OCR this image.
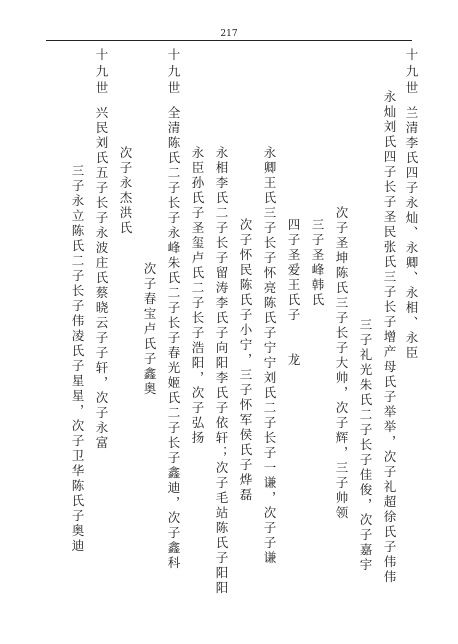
217
十九世兰清李氏四子永灿、永卿、永相、永臣
永灿刘氏四子长子圣民张氏三子长子增产母氏子举举，次子礼超徐氏子伟伟
三子礼光朱氏二子长子佳俊，次子嘉宇
次子圣坤陈氏三子长子大帅，次子辉，三子帅领
三子圣峰韩氏
四子圣爱王氏子　　龙
永卿王氏三子长子怀亮陈氏子宁宁刘氏二子长子一谦，次子子谦
次子怀民陈氏子小宁，三子怀军侯氏子烨磊
永相李氏二子长子留涛李氏子向阳李氏子依轩；次子毛站陈氏子阳阳
永臣孙氏子圣玺卢氏二子长子浩阳，次子弘扬
十九世全清陈氏二子长子永峰朱氏二子长子春光姬氏二子长子鑫迪，次子鑫科
次子春宝卢氏子鑫奥
次子永杰洪氏
十九世兴民刘氏五子长子永波庄氏蔡晓云子子轩，次子永富
三子永立陈氏二子长子伟凌氏子星星，次子卫华陈氏子奥迪
